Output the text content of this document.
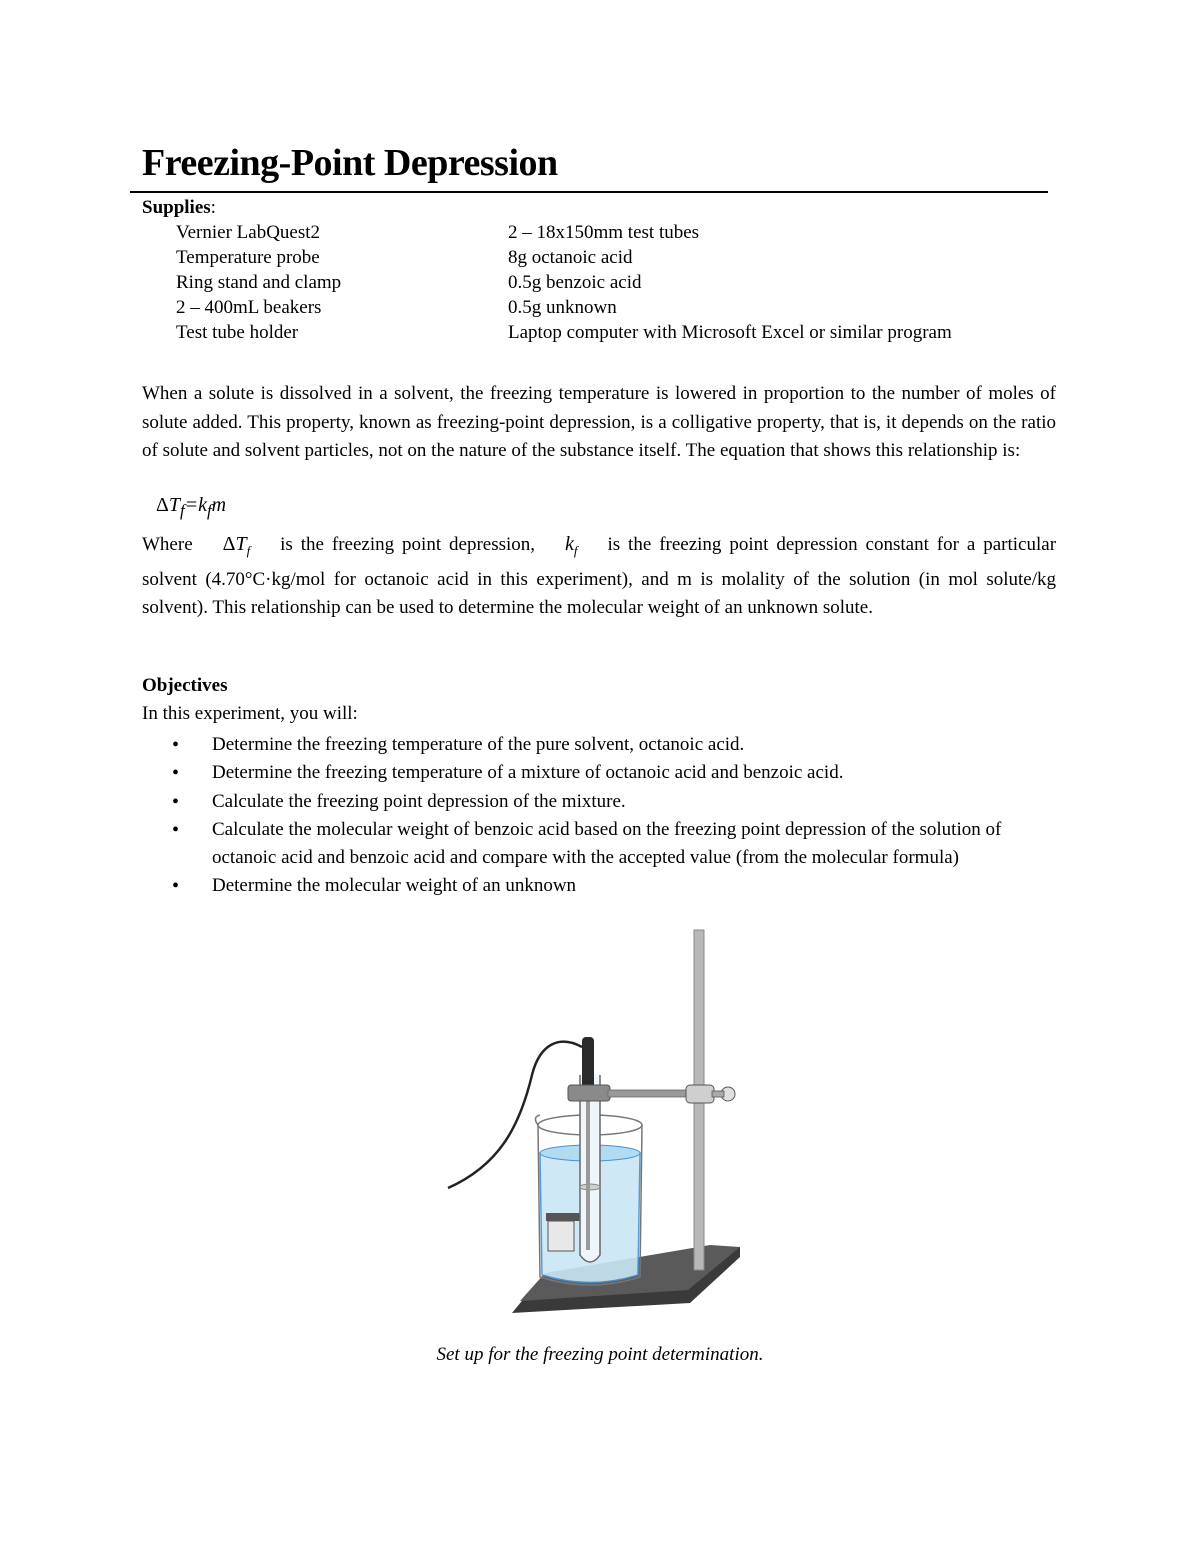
Freezing-Point Depression
Supplies:
Vernier LabQuest2	2 – 18x150mm test tubes
Temperature probe	8g octanoic acid
Ring stand and clamp	0.5g benzoic acid
2 – 400mL beakers	0.5g unknown
Test tube holder	Laptop computer with Microsoft Excel or similar program

When a solute is dissolved in a solvent, the freezing temperature is lowered in proportion to the number of moles of solute added. This property, known as freezing-point depression, is a colligative property, that is, it depends on the ratio of solute and solvent particles, not on the nature of the substance itself. The equation that shows this relationship is:

$\Delta T_f=k_fm$

Where $\Delta T_f$ is the freezing point depression, $k_f$ is the freezing point depression constant for a particular solvent (4.70°C·kg/mol for octanoic acid in this experiment), and m is molality of the solution (in mol solute/kg solvent). This relationship can be used to determine the molecular weight of an unknown solute.

Objectives
In this experiment, you will:
• Determine the freezing temperature of the pure solvent, octanoic acid.
• Determine the freezing temperature of a mixture of octanoic acid and benzoic acid.
• Calculate the freezing point depression of the mixture.
• Calculate the molecular weight of benzoic acid based on the freezing point depression of the solution of octanoic acid and benzoic acid and compare with the accepted value (from the molecular formula)
• Determine the molecular weight of an unknown
Set up for the freezing point determination.
